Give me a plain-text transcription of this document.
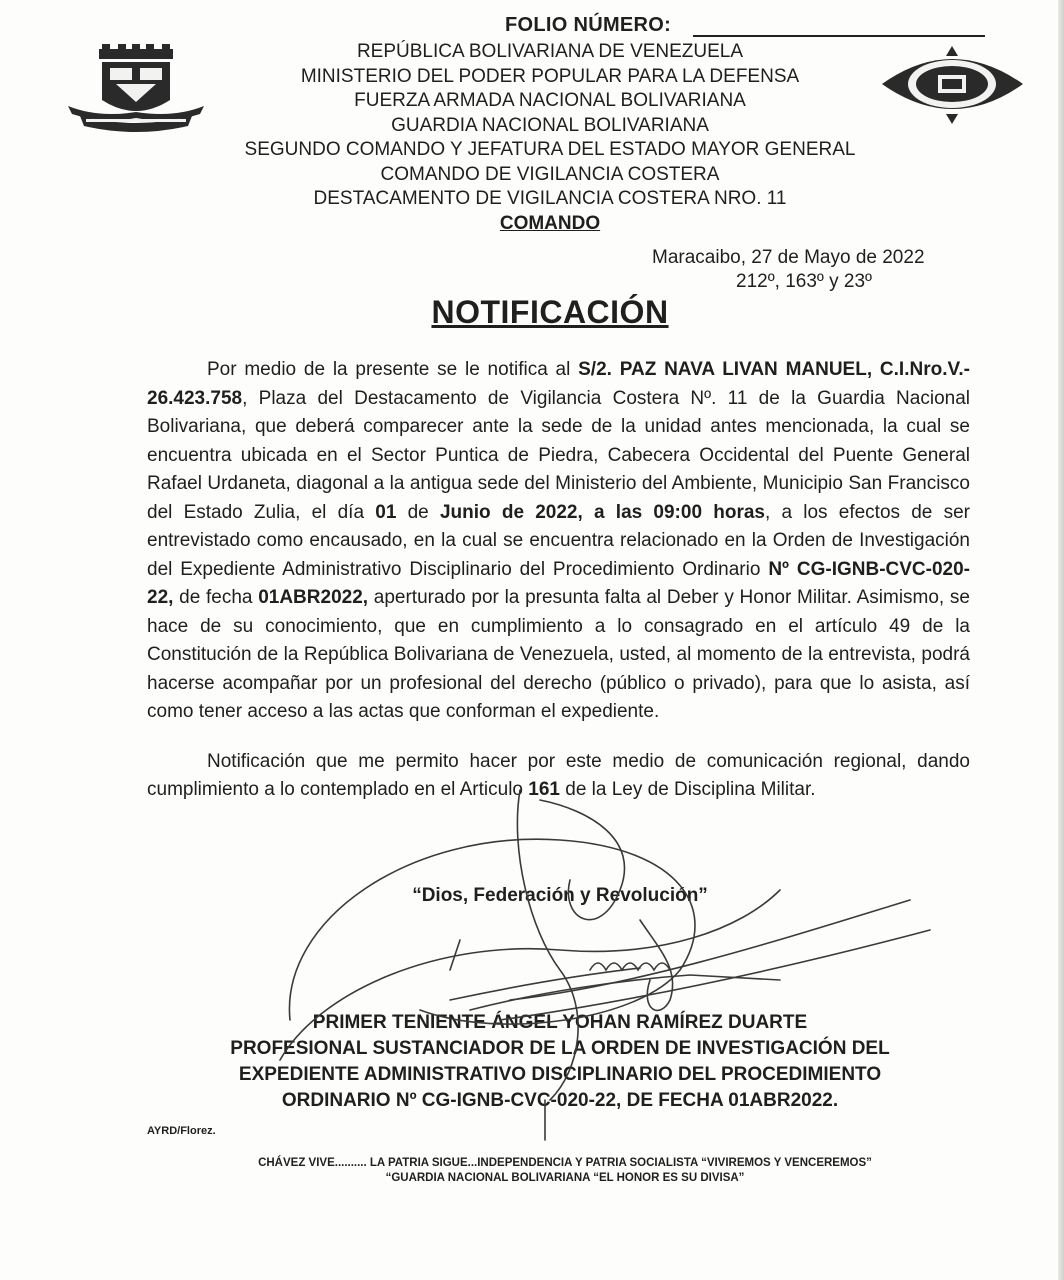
FOLIO NÚMERO:
REPÚBLICA BOLIVARIANA DE VENEZUELA
MINISTERIO DEL PODER POPULAR PARA LA DEFENSA
FUERZA ARMADA NACIONAL BOLIVARIANA
GUARDIA NACIONAL BOLIVARIANA
SEGUNDO COMANDO Y JEFATURA DEL ESTADO MAYOR GENERAL
COMANDO DE VIGILANCIA COSTERA
DESTACAMENTO DE VIGILANCIA COSTERA NRO. 11
COMANDO
Maracaibo, 27 de Mayo de 2022
212º, 163º y 23º
NOTIFICACIÓN

Por medio de la presente se le notifica al S/2. PAZ NAVA LIVAN MANUEL, C.I.Nro.V.- 26.423.758, Plaza del Destacamento de Vigilancia Costera Nº. 11 de la Guardia Nacional Bolivariana, que deberá comparecer ante la sede de la unidad antes mencionada, la cual se encuentra ubicada en el Sector Puntica de Piedra, Cabecera Occidental del Puente General Rafael Urdaneta, diagonal a la antigua sede del Ministerio del Ambiente, Municipio San Francisco del Estado Zulia, el día 01 de Junio de 2022, a las 09:00 horas, a los efectos de ser entrevistado como encausado, en la cual se encuentra relacionado en la Orden de Investigación del Expediente Administrativo Disciplinario del Procedimiento Ordinario Nº CG-IGNB-CVC-020-22, de fecha 01ABR2022, aperturado por la presunta falta al Deber y Honor Militar. Asimismo, se hace de su conocimiento, que en cumplimiento a lo consagrado en el artículo 49 de la Constitución de la República Bolivariana de Venezuela, usted, al momento de la entrevista, podrá hacerse acompañar por un profesional del derecho (público o privado), para que lo asista, así como tener acceso a las actas que conforman el expediente.

Notificación que me permito hacer por este medio de comunicación regional, dando cumplimiento a lo contemplado en el Articulo 161 de la Ley de Disciplina Militar.

“Dios, Federación y Revolución”
PRIMER TENIENTE ÁNGEL YOHAN RAMÍREZ DUARTE
PROFESIONAL SUSTANCIADOR DE LA ORDEN DE INVESTIGACIÓN DEL
EXPEDIENTE ADMINISTRATIVO DISCIPLINARIO DEL PROCEDIMIENTO
ORDINARIO Nº CG-IGNB-CVC-020-22, DE FECHA 01ABR2022.
AYRD/Florez.
CHÁVEZ VIVE.......... LA PATRIA SIGUE...INDEPENDENCIA Y PATRIA SOCIALISTA “VIVIREMOS Y VENCEREMOS”
“GUARDIA NACIONAL BOLIVARIANA “EL HONOR ES SU DIVISA”
